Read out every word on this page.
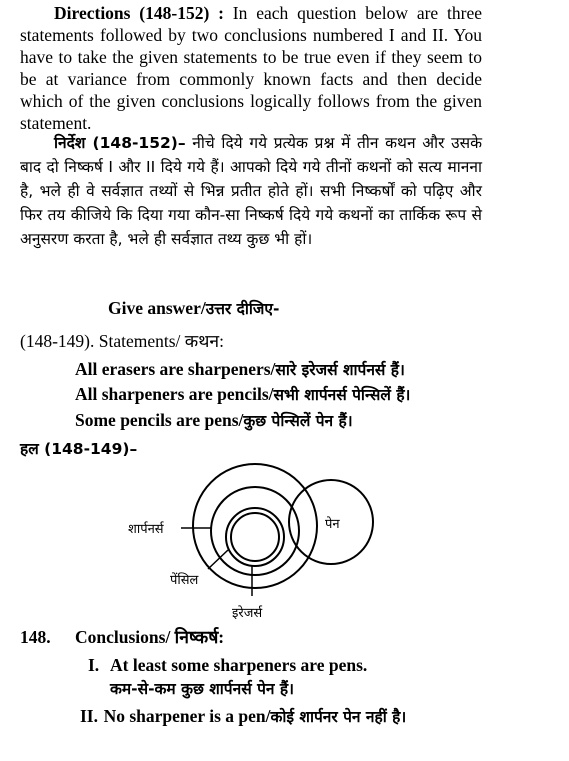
Directions (148-152) : In each question below are three statements followed by two conclusions numbered I and II. You have to take the given statements to be true even if they seem to be at variance from commonly known facts and then decide which of the given conclusions logically follows from the given statement.

निर्देश (148-152)– नीचे दिये गये प्रत्येक प्रश्न में तीन कथन और उसके बाद दो निष्कर्ष I और II दिये गये हैं। आपको दिये गये तीनों कथनों को सत्य मानना है, भले ही वे सर्वज्ञात तथ्यों से भिन्न प्रतीत होते हों। सभी निष्कर्षों को पढ़िए और फिर तय कीजिये कि दिया गया कौन-सा निष्कर्ष दिये गये कथनों का तार्किक रूप से अनुसरण करता है, भले ही सर्वज्ञात तथ्य कुछ भी हों।

Give answer/उत्तर दीजिए-
(148-149). Statements/ कथन:
All erasers are sharpeners/सारे इरेजर्स शार्पनर्स हैं।
All sharpeners are pencils/सभी शार्पनर्स पेन्सिलें हैं।
Some pencils are pens/कुछ पेन्सिलें पेन हैं।
हल (148-149)–
शार्पनर्स
पेंसिल
इरेजर्स
पेन
148. Conclusions/ निष्कर्ष:
I. At least some sharpeners are pens.
कम-से-कम कुछ शार्पनर्स पेन हैं।
II. No sharpener is a pen/कोई शार्पनर पेन नहीं है।
